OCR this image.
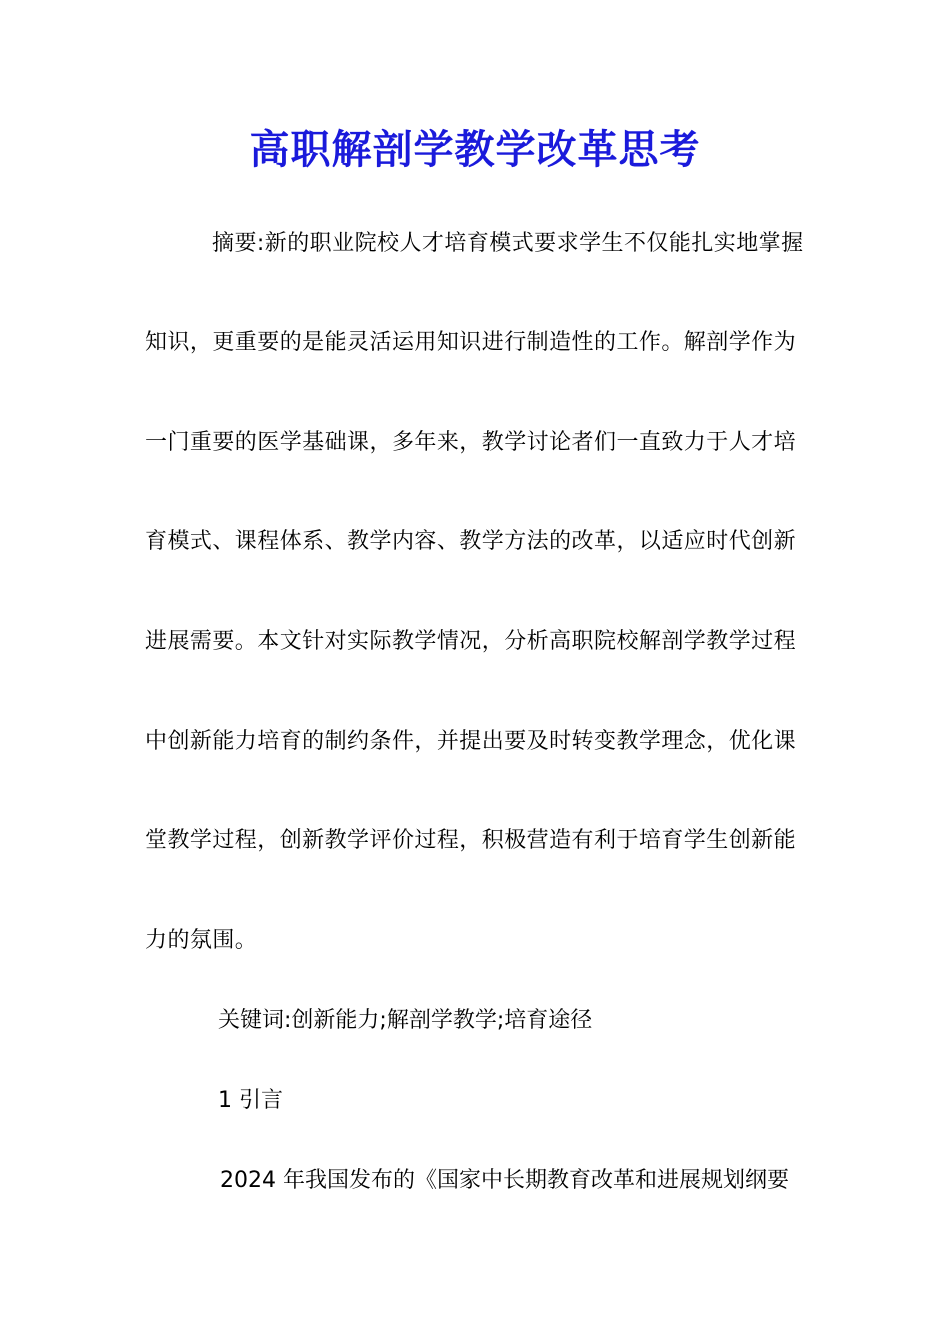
高职解剖学教学改革思考
摘要:新的职业院校人才培育模式要求学生不仅能扎实地掌握
知识，更重要的是能灵活运用知识进行制造性的工作。解剖学作为
一门重要的医学基础课，多年来，教学讨论者们一直致力于人才培
育模式、课程体系、教学内容、教学方法的改革，以适应时代创新
进展需要。本文针对实际教学情况，分析高职院校解剖学教学过程
中创新能力培育的制约条件，并提出要及时转变教学理念，优化课
堂教学过程，创新教学评价过程，积极营造有利于培育学生创新能
力的氛围。
关键词:创新能力;解剖学教学;培育途径
1 引言
2024 年我国发布的《国家中长期教育改革和进展规划纲要
